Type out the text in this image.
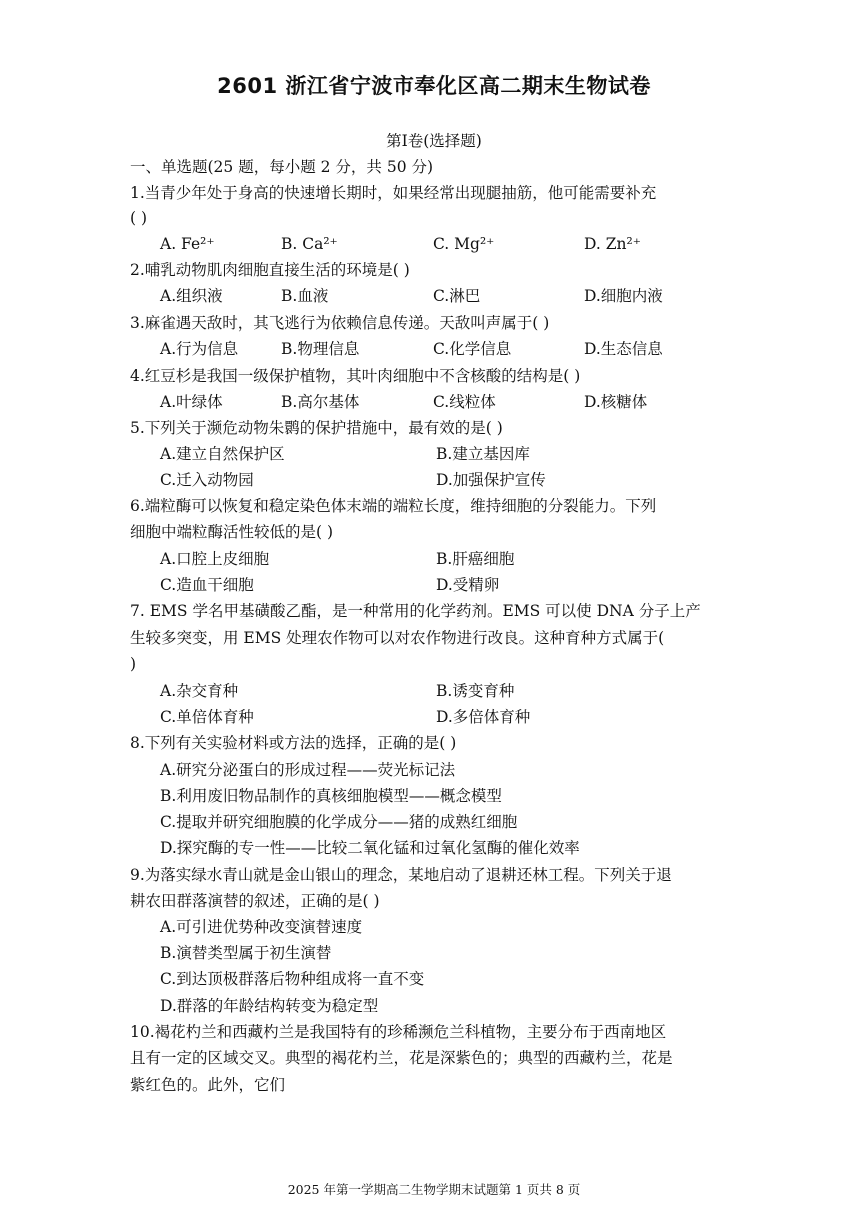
2601 浙江省宁波市奉化区高二期末生物试卷
第Ⅰ卷(选择题)
一、单选题(25 题，每小题 2 分，共 50 分)
1.当青少年处于身高的快速增长期时，如果经常出现腿抽筋，他可能需要补充
( )
A. Fe²⁺	B. Ca²⁺	C. Mg²⁺	D. Zn²⁺
2.哺乳动物肌肉细胞直接生活的环境是( )
A.组织液	B.血液	C.淋巴	D.细胞内液
3.麻雀遇天敌时，其飞逃行为依赖信息传递。天敌叫声属于( )
A.行为信息	B.物理信息	C.化学信息	D.生态信息
4.红豆杉是我国一级保护植物，其叶肉细胞中不含核酸的结构是( )
A.叶绿体	B.高尔基体	C.线粒体	D.核糖体
5.下列关于濒危动物朱鹮的保护措施中，最有效的是( )
A.建立自然保护区	B.建立基因库
C.迁入动物园	D.加强保护宣传
6.端粒酶可以恢复和稳定染色体末端的端粒长度，维持细胞的分裂能力。下列
细胞中端粒酶活性较低的是( )
A.口腔上皮细胞	B.肝癌细胞
C.造血干细胞	D.受精卵
7. EMS 学名甲基磺酸乙酯，是一种常用的化学药剂。EMS 可以使 DNA 分子上产
生较多突变，用 EMS 处理农作物可以对农作物进行改良。这种育种方式属于(
)
A.杂交育种	B.诱变育种
C.单倍体育种	D.多倍体育种
8.下列有关实验材料或方法的选择，正确的是( )
A.研究分泌蛋白的形成过程——荧光标记法
B.利用废旧物品制作的真核细胞模型——概念模型
C.提取并研究细胞膜的化学成分——猪的成熟红细胞
D.探究酶的专一性——比较二氧化锰和过氧化氢酶的催化效率
9.为落实绿水青山就是金山银山的理念，某地启动了退耕还林工程。下列关于退
耕农田群落演替的叙述，正确的是( )
A.可引进优势种改变演替速度
B.演替类型属于初生演替
C.到达顶极群落后物种组成将一直不变
D.群落的年龄结构转变为稳定型
10.褐花杓兰和西藏杓兰是我国特有的珍稀濒危兰科植物，主要分布于西南地区
且有一定的区域交叉。典型的褐花杓兰，花是深紫色的；典型的西藏杓兰，花是
紫红色的。此外，它们
2025 年第一学期高二生物学期末试题第 1 页共 8 页
